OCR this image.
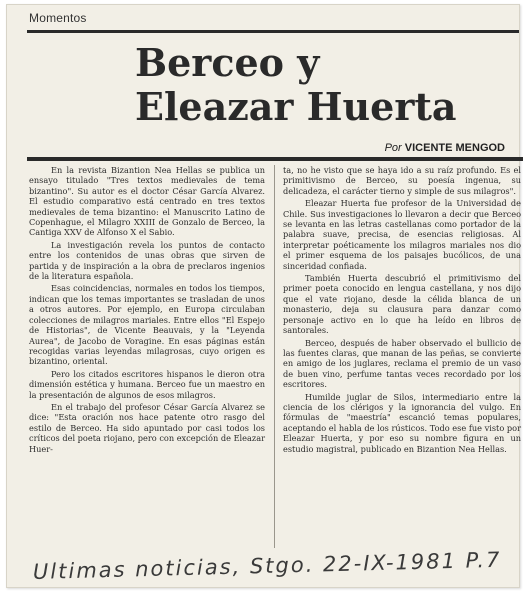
Momentos
Berceo y
Eleazar Huerta
Por VICENTE MENGOD

En la revista Bizantion Nea Hellas se publica un ensayo titulado "Tres textos medievales de tema bizantino". Su autor es el doctor César García Alvarez. El estudio comparativo está centrado en tres textos medievales de tema bizantino: el Manuscrito Latino de Copenhague, el Milagro XXIII de Gonzalo de Berceo, la Cantiga XXV de Alfonso X el Sabio.

La investigación revela los puntos de contacto entre los contenidos de unas obras que sirven de partida y de inspiración a la obra de preclaros ingenios de la literatura española.

Esas coincidencias, normales en todos los tiempos, indican que los temas importantes se trasladan de unos a otros autores. Por ejemplo, en Europa circulaban colecciones de milagros mariales. Entre ellos "El Espejo de Historias", de Vicente Beauvais, y la "Leyenda Aurea", de Jacobo de Voragine. En esas páginas están recogidas varias leyendas milagrosas, cuyo origen es bizantino, oriental.

Pero los citados escritores hispanos le dieron otra dimensión estética y humana. Berceo fue un maestro en la presentación de algunos de esos milagros.

En el trabajo del profesor César García Alvarez se dice: "Esta oración nos hace patente otro rasgo del estilo de Berceo. Ha sido apuntado por casi todos los críticos del poeta riojano, pero con excepción de Eleazar Huer-

ta, no he visto que se haya ido a su raíz profundo. Es el primitivismo de Berceo, su poesía ingenua, su delicadeza, el carácter tierno y simple de sus milagros".

Eleazar Huerta fue profesor de la Universidad de Chile. Sus investigaciones lo llevaron a decir que Berceo se levanta en las letras castellanas como portador de la palabra suave, precisa, de esencias religiosas. Al interpretar poéticamente los milagros mariales nos dio el primer esquema de los paisajes bucólicos, de una sinceridad confiada.

También Huerta descubrió el primitivismo del primer poeta conocido en lengua castellana, y nos dijo que el vate riojano, desde la célida blanca de un monasterio, deja su clausura para danzar como personaje activo en lo que ha leído en libros de santorales.

Berceo, después de haber observado el bullicio de las fuentes claras, que manan de las peñas, se convierte en amigo de los juglares, reclama el premio de un vaso de buen vino, perfume tantas veces recordado por los escritores.

Humilde juglar de Silos, intermediario entre la ciencia de los clérigos y la ignorancia del vulgo. En fórmulas de "maestría" escanció temas populares, aceptando el habla de los rústicos. Todo ese fue visto por Eleazar Huerta, y por eso su nombre figura en un estudio magistral, publicado en Bizantion Nea Hellas.

Ultimas noticias, Stgo. 22-IX-1981 P.7
